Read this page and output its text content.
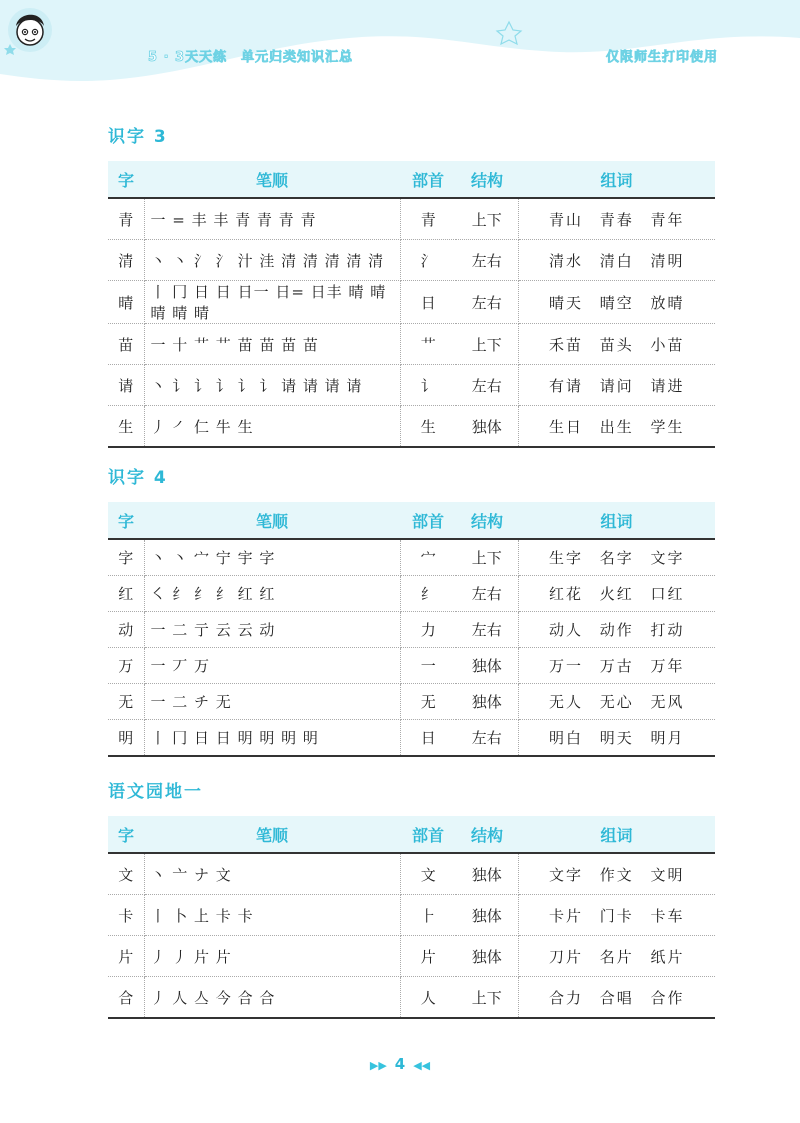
5 · 3天天练 单元归类知识汇总	仅限师生打印使用
识字 3
字	笔顺	部首	结构	组词
青	一 = 丰 丰 青 青 青 青	青	上下	青山 青春 青年
清	丶 丶 氵 氵 汁 洼 清 清 清 清 清	氵	左右	清水 清白 清明
晴	丨 冂 日 日 日一 日= 日丰 晴 晴 晴 晴 晴	日	左右	晴天 晴空 放晴
苗	一 十 艹 艹 苗 苗 苗 苗	艹	上下	禾苗 苗头 小苗
请	丶 讠 讠 讠 讠 讠 请 请 请 请	讠	左右	有请 请问 请进
生	丿 ㇒ 仁 牛 生	生	独体	生日 出生 学生
识字 4
字	笔顺	部首	结构	组词
字	丶 丶 宀 宁 宇 字	宀	上下	生字 名字 文字
红	㇛ 纟 纟 纟 红 红	纟	左右	红花 火红 口红
动	一 二 亍 云 云 动	力	左右	动人 动作 打动
万	一 丆 万	一	独体	万一 万古 万年
无	一 二 チ 无	无	独体	无人 无心 无风
明	丨 冂 日 日 明 明 明 明	日	左右	明白 明天 明月
语文园地一
字	笔顺	部首	结构	组词
文	丶 亠 ナ 文	文	独体	文字 作文 文明
卡	丨 卜 上 卡 卡	⺊	独体	卡片 门卡 卡车
片	丿 丿 片 片	片	独体	刀片 名片 纸片
合	丿 人 亼 今 合 合	人	上下	合力 合唱 合作
▶▶ 4 ◀◀
